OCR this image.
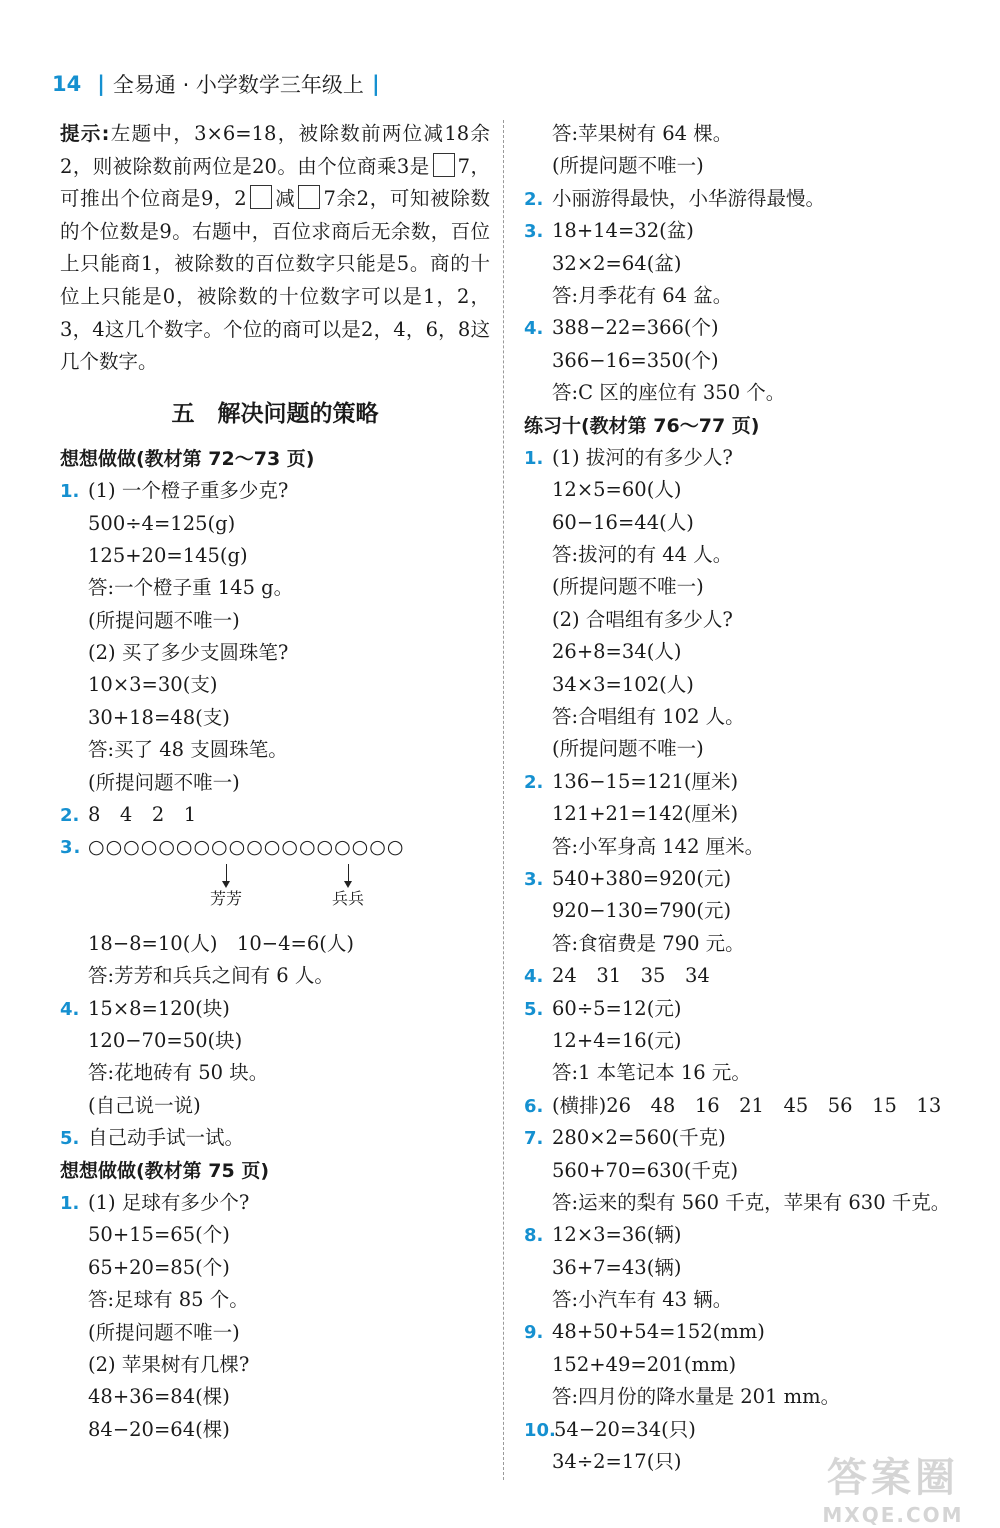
14 | 全易通 · 小学数学三年级上 |
提示:左题中，3×6=18，被除数前两位减18余2，则被除数前两位是20。由个位商乘3是 7，可推出个位商是9，2 减 7余2，可知被除数的个位数是9。右题中，百位求商后无余数，百位上只能商1，被除数的百位数字只能是5。商的十位上只能是0，被除数的十位数字可以是1，2，3，4这几个数字。个位的商可以是2，4，6，8这几个数字。
五　解决问题的策略
想想做做(教材第 72～73 页)
1. (1) 一个橙子重多少克?
500÷4=125(g)
125+20=145(g)
答:一个橙子重 145 g。
(所提问题不唯一)
(2) 买了多少支圆珠笔?
10×3=30(支)
30+18=48(支)
答:买了 48 支圆珠笔。
(所提问题不唯一)
2. 8　4　2　1
3. ○○○○○○○○○○○○○○○○○○
芳芳	兵兵
18−8=10(人)　10−4=6(人)
答:芳芳和兵兵之间有 6 人。
4. 15×8=120(块)
120−70=50(块)
答:花地砖有 50 块。
(自己说一说)
5. 自己动手试一试。
想想做做(教材第 75 页)
1. (1) 足球有多少个?
50+15=65(个)
65+20=85(个)
答:足球有 85 个。
(所提问题不唯一)
(2) 苹果树有几棵?
48+36=84(棵)
84−20=64(棵)
答:苹果树有 64 棵。
(所提问题不唯一)
2. 小丽游得最快，小华游得最慢。
3. 18+14=32(盆)
32×2=64(盆)
答:月季花有 64 盆。
4. 388−22=366(个)
366−16=350(个)
答:C 区的座位有 350 个。
练习十(教材第 76～77 页)
1. (1) 拔河的有多少人?
12×5=60(人)
60−16=44(人)
答:拔河的有 44 人。
(所提问题不唯一)
(2) 合唱组有多少人?
26+8=34(人)
34×3=102(人)
答:合唱组有 102 人。
(所提问题不唯一)
2. 136−15=121(厘米)
121+21=142(厘米)
答:小军身高 142 厘米。
3. 540+380=920(元)
920−130=790(元)
答:食宿费是 790 元。
4. 24　31　35　34
5. 60÷5=12(元)
12+4=16(元)
答:1 本笔记本 16 元。
6. (横排)26　48　16　21　45　56　15　13
7. 280×2=560(千克)
560+70=630(千克)
答:运来的梨有 560 千克，苹果有 630 千克。
8. 12×3=36(辆)
36+7=43(辆)
答:小汽车有 43 辆。
9. 48+50+54=152(mm)
152+49=201(mm)
答:四月份的降水量是 201 mm。
10.54−20=34(只)
34÷2=17(只)	答案圈
MXQE.COM
